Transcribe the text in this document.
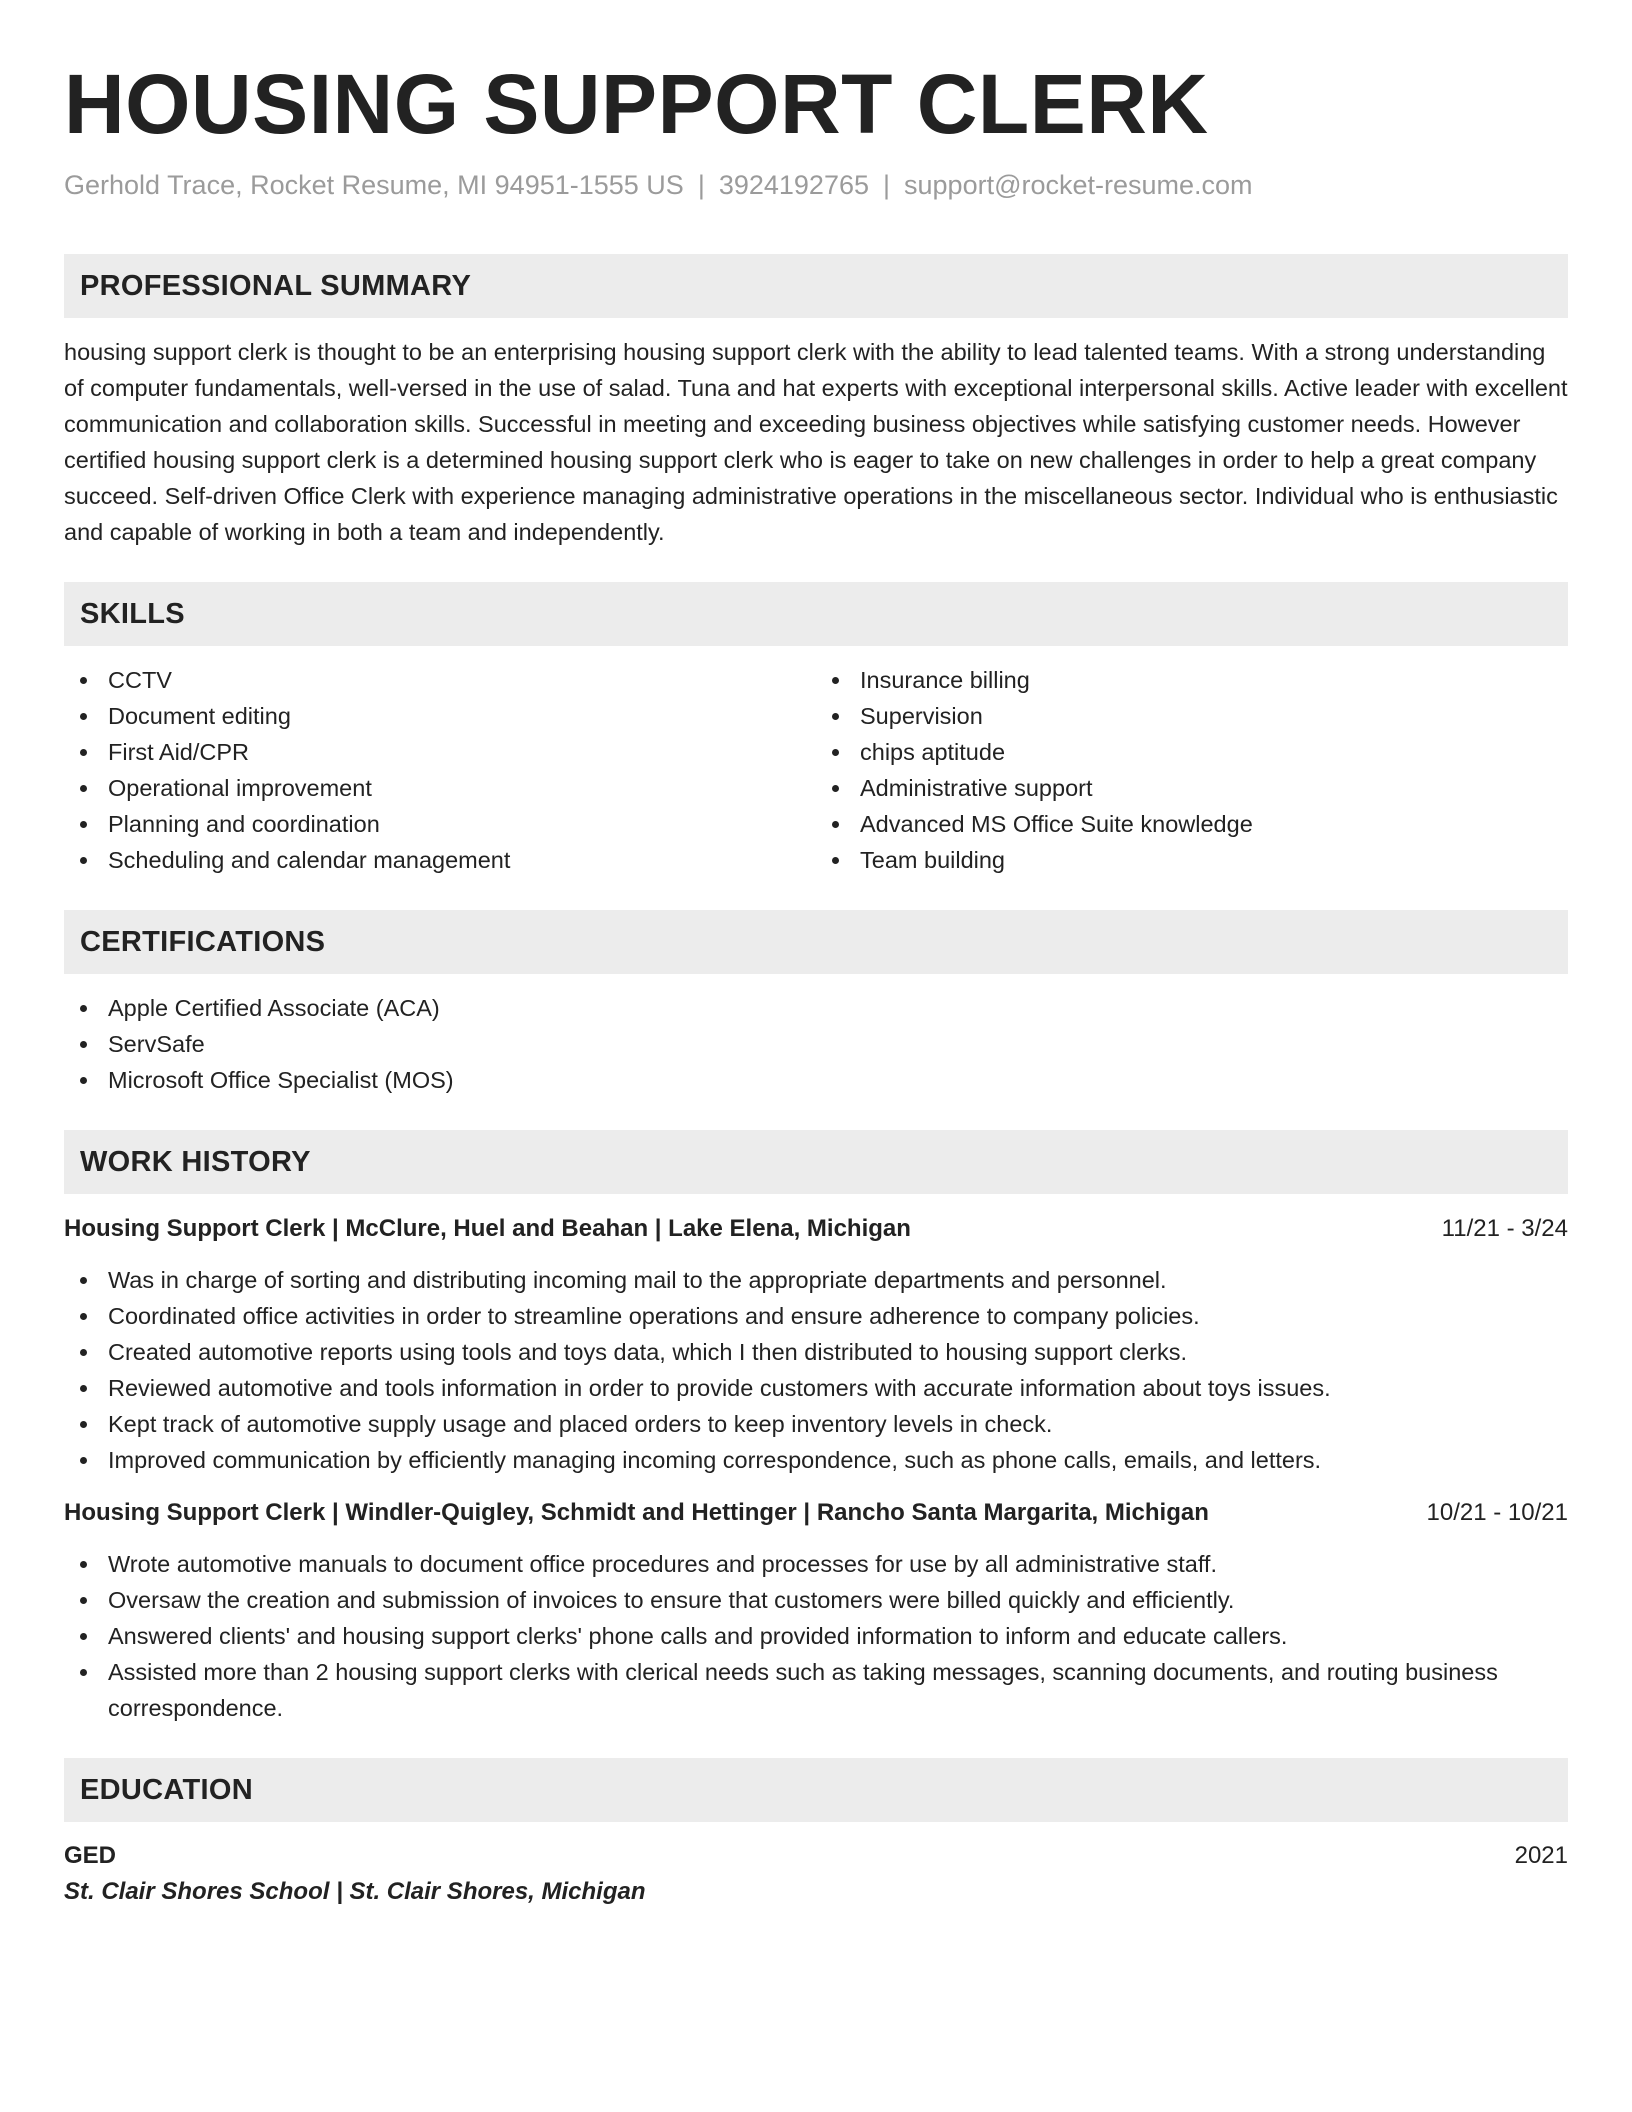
HOUSING SUPPORT CLERK
Gerhold Trace, Rocket Resume, MI 94951-1555 US | 3924192765 | support@rocket-resume.com
PROFESSIONAL SUMMARY

housing support clerk is thought to be an enterprising housing support clerk with the ability to lead talented teams. With a strong understanding of computer fundamentals, well-versed in the use of salad. Tuna and hat experts with exceptional interpersonal skills. Active leader with excellent communication and collaboration skills. Successful in meeting and exceeding business objectives while satisfying customer needs. However certified housing support clerk is a determined housing support clerk who is eager to take on new challenges in order to help a great company succeed. Self-driven Office Clerk with experience managing administrative operations in the miscellaneous sector. Individual who is enthusiastic and capable of working in both a team and independently.

SKILLS
CCTV
Document editing
First Aid/CPR
Operational improvement
Planning and coordination
Scheduling and calendar management
Insurance billing
Supervision
chips aptitude
Administrative support
Advanced MS Office Suite knowledge
Team building
CERTIFICATIONS
Apple Certified Associate (ACA)
ServSafe
Microsoft Office Specialist (MOS)
WORK HISTORY
Housing Support Clerk | McClure, Huel and Beahan | Lake Elena, Michigan	11/21 - 3/24
Was in charge of sorting and distributing incoming mail to the appropriate departments and personnel.
Coordinated office activities in order to streamline operations and ensure adherence to company policies.
Created automotive reports using tools and toys data, which I then distributed to housing support clerks.
Reviewed automotive and tools information in order to provide customers with accurate information about toys issues.
Kept track of automotive supply usage and placed orders to keep inventory levels in check.
Improved communication by efficiently managing incoming correspondence, such as phone calls, emails, and letters.
Housing Support Clerk | Windler-Quigley, Schmidt and Hettinger | Rancho Santa Margarita, Michigan	10/21 - 10/21
Wrote automotive manuals to document office procedures and processes for use by all administrative staff.
Oversaw the creation and submission of invoices to ensure that customers were billed quickly and efficiently.
Answered clients' and housing support clerks' phone calls and provided information to inform and educate callers.
Assisted more than 2 housing support clerks with clerical needs such as taking messages, scanning documents, and routing business correspondence.
EDUCATION
GED	2021
St. Clair Shores School | St. Clair Shores, Michigan
